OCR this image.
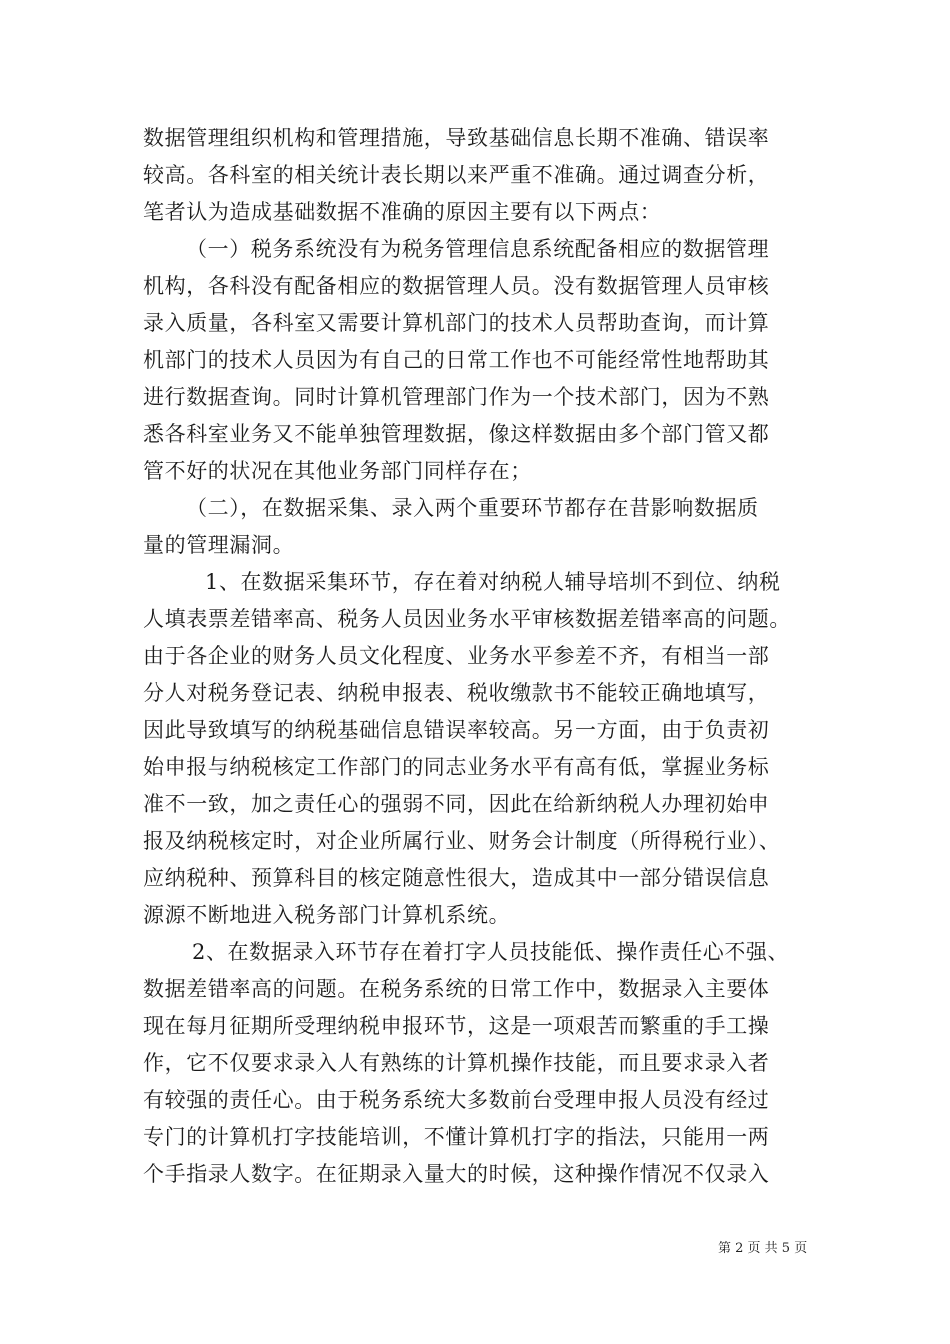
数据管理组织机构和管理措施，导致基础信息长期不准确、错误率
较高。各科室的相关统计表长期以来严重不准确。通过调查分析，
笔者认为造成基础数据不准确的原因主要有以下两点：
（一）税务系统没有为税务管理信息系统配备相应的数据管理
机构，各科没有配备相应的数据管理人员。没有数据管理人员审核
录入质量，各科室又需要计算机部门的技术人员帮助查询，而计算
机部门的技术人员因为有自己的日常工作也不可能经常性地帮助其
进行数据查询。同时计算机管理部门作为一个技术部门，因为不熟
悉各科室业务又不能单独管理数据，像这样数据由多个部门管又都
管不好的状况在其他业务部门同样存在；
（二），在数据采集、录入两个重要环节都存在昔影响数据质
量的管理漏洞。
1、在数据采集环节，存在着对纳税人辅导培圳不到位、纳税
人填表票差错率高、税务人员因业务水平审核数据差错率高的问题。
由于各企业的财务人员文化程度、业务水平参差不齐，有相当一部
分人对税务登记表、纳税申报表、税收缴款书不能较正确地填写，
因此导致填写的纳税基础信息错误率较高。另一方面，由于负责初
始申报与纳税核定工作部门的同志业务水平有高有低，掌握业务标
准不一致，加之责任心的强弱不同，因此在给新纳税人办理初始申
报及纳税核定时，对企业所属行业、财务会计制度（所得税行业）、
应纳税种、预算科目的核定随意性很大，造成其中一部分错误信息
源源不断地进入税务部门计算机系统。
2、在数据录入环节存在着打字人员技能低、操作责任心不强、
数据差错率高的问题。在税务系统的日常工作中，数据录入主要体
现在每月征期所受理纳税申报环节，这是一项艰苦而繁重的手工操
作，它不仅要求录入人有熟练的计算机操作技能，而且要求录入者
有较强的责任心。由于税务系统大多数前台受理申报人员没有经过
专门的计算机打字技能培训，不懂计算机打字的指法，只能用一两
个手指录人数字。在征期录入量大的时候，这种操作情况不仅录入
第 2 页 共 5 页
